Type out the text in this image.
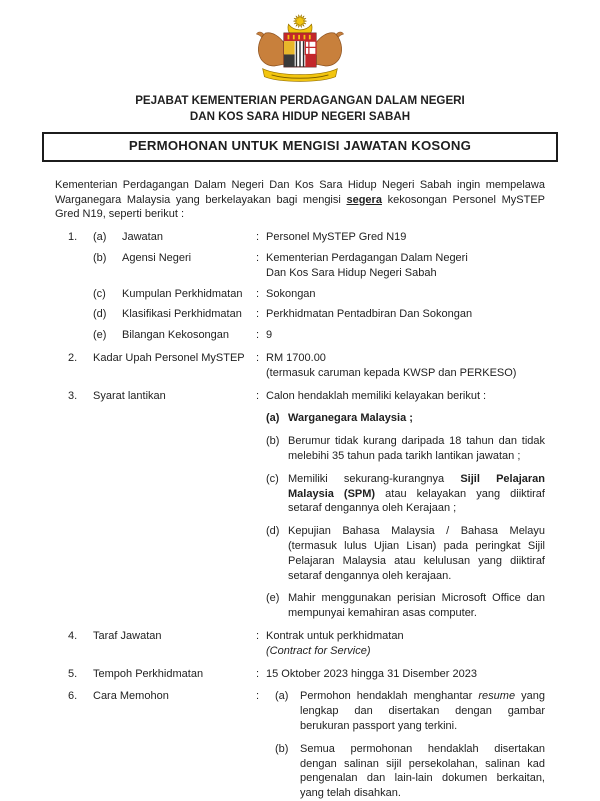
PEJABAT KEMENTERIAN PERDAGANGAN DALAM NEGERI
DAN KOS SARA HIDUP NEGERI SABAH
PERMOHONAN UNTUK MENGISI JAWATAN KOSONG

Kementerian Perdagangan Dalam Negeri Dan Kos Sara Hidup Negeri Sabah ingin mempelawa Warganegara Malaysia yang berkelayakan bagi mengisi segera kekosongan Personel MySTEP Gred N19, seperti berikut :

1.	(a)	Jawatan	: Personel MySTEP Gred N19
(b)	Agensi Negeri	: Kementerian Perdagangan Dalam Negeri
Dan Kos Sara Hidup Negeri Sabah
(c)	Kumpulan Perkhidmatan	: Sokongan
(d)	Klasifikasi Perkhidmatan	: Perkhidmatan Pentadbiran Dan Sokongan
(e)	Bilangan Kekosongan	: 9
2.	Kadar Upah Personel MySTEP	: RM 1700.00
(termasuk caruman kepada KWSP dan PERKESO)
3.	Syarat lantikan	: Calon hendaklah memiliki kelayakan berikut :

(a) Warganegara Malaysia ;

(b) Berumur tidak kurang daripada 18 tahun dan tidak melebihi 35 tahun pada tarikh lantikan jawatan ;

(c) Memiliki sekurang-kurangnya Sijil Pelajaran Malaysia (SPM) atau kelayakan yang diiktiraf setaraf dengannya oleh Kerajaan ;

(d) Kepujian Bahasa Malaysia / Bahasa Melayu (termasuk lulus Ujian Lisan) pada peringkat Sijil Pelajaran Malaysia atau kelulusan yang diiktiraf setaraf dengannya oleh kerajaan.

(e) Mahir menggunakan perisian Microsoft Office dan mempunyai kemahiran asas computer.

4.	Taraf Jawatan	: Kontrak untuk perkhidmatan
(Contract for Service)
5.	Tempoh Perkhidmatan	: 15 Oktober 2023 hingga 31 Disember 2023
6.	Cara Memohon	:	(a) Permohon hendaklah menghantar resume yang lengkap dan disertakan dengan gambar berukuran passport yang terkini.

(b) Semua permohonan hendaklah disertakan dengan salinan sijil persekolahan, salinan kad pengenalan dan lain-lain dokumen berkaitan, yang telah disahkan.
